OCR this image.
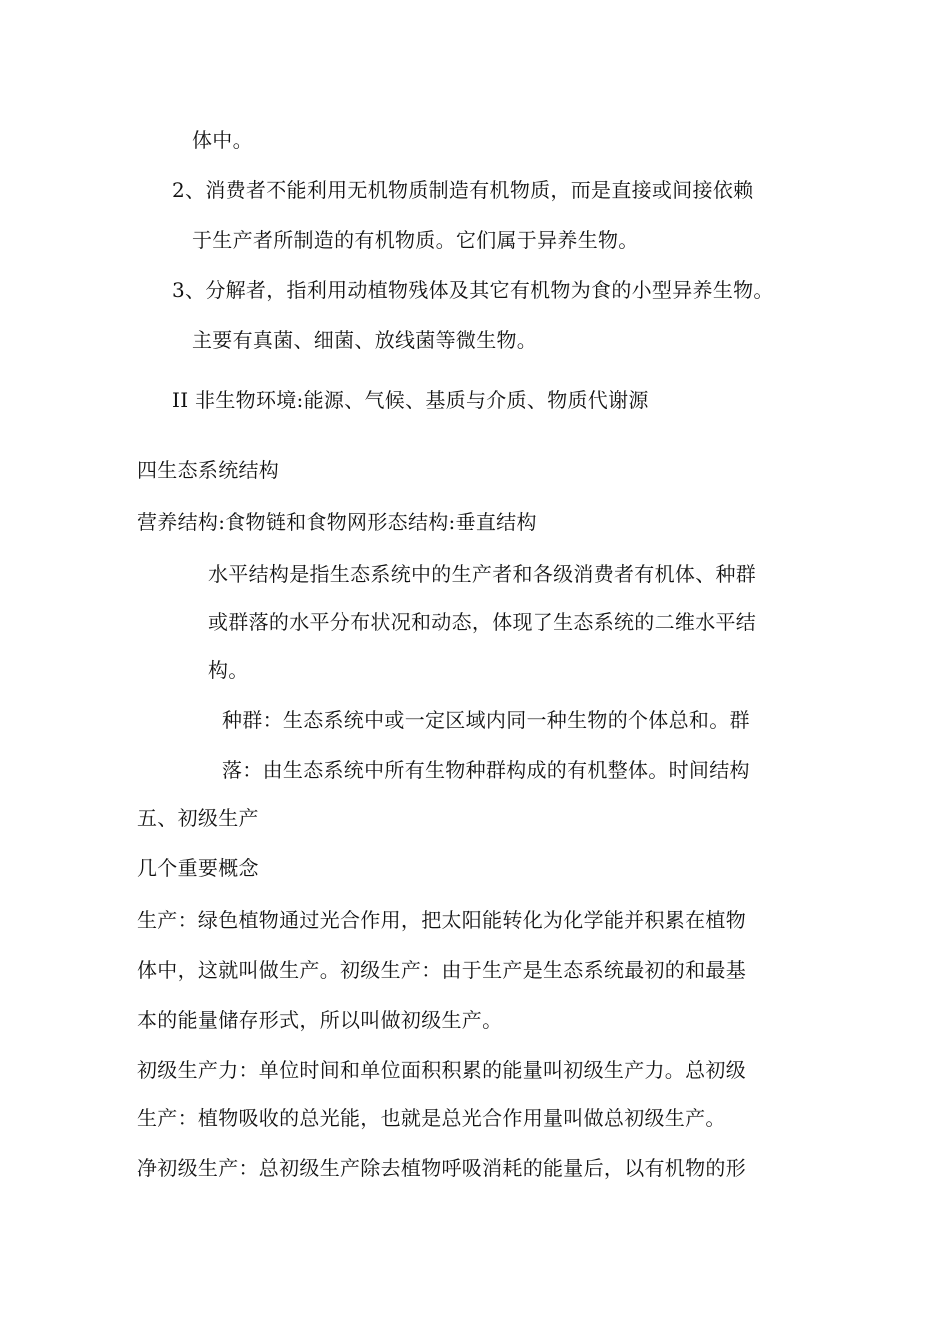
体中。
2、消费者不能利用无机物质制造有机物质，而是直接或间接依赖
于生产者所制造的有机物质。它们属于异养生物。
3、分解者，指利用动植物残体及其它有机物为食的小型异养生物。
主要有真菌、细菌、放线菌等微生物。
II 非生物环境:能源、气候、基质与介质、物质代谢源
四生态系统结构
营养结构:食物链和食物网形态结构:垂直结构
水平结构是指生态系统中的生产者和各级消费者有机体、种群
或群落的水平分布状况和动态，体现了生态系统的二维水平结
构。
种群：生态系统中或一定区域内同一种生物的个体总和。群
落：由生态系统中所有生物种群构成的有机整体。时间结构
五、初级生产
几个重要概念
生产：绿色植物通过光合作用，把太阳能转化为化学能并积累在植物
体中，这就叫做生产。初级生产：由于生产是生态系统最初的和最基
本的能量储存形式，所以叫做初级生产。
初级生产力：单位时间和单位面积积累的能量叫初级生产力。总初级
生产：植物吸收的总光能，也就是总光合作用量叫做总初级生产。
净初级生产：总初级生产除去植物呼吸消耗的能量后，以有机物的形
